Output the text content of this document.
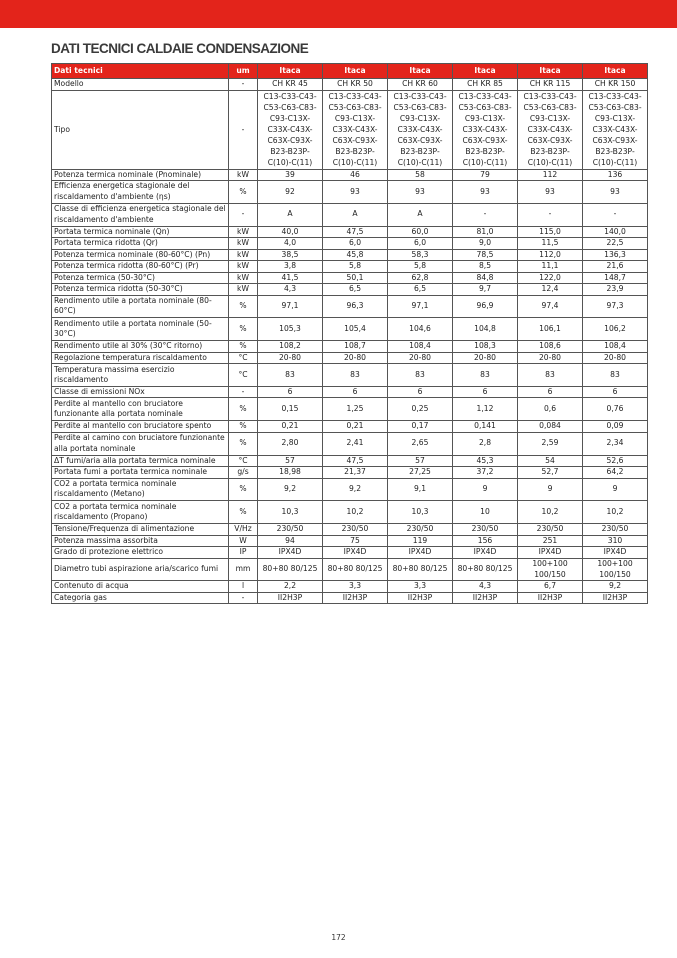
DATI TECNICI CALDAIE CONDENSAZIONE
Dati tecnici	um	Itaca	Itaca	Itaca	Itaca	Itaca	Itaca
Modello	-	CH KR 45	CH KR 50	CH KR 60	CH KR 85	CH KR 115	CH KR 150
Tipo	-	C13-C33-C43-C53-C63-C83-C93-C13X-C33X-C43X-C63X-C93X-B23-B23P-C(10)-C(11)	C13-C33-C43-C53-C63-C83-C93-C13X-C33X-C43X-C63X-C93X-B23-B23P-C(10)-C(11)	C13-C33-C43-C53-C63-C83-C93-C13X-C33X-C43X-C63X-C93X-B23-B23P-C(10)-C(11)	C13-C33-C43-C53-C63-C83-C93-C13X-C33X-C43X-C63X-C93X-B23-B23P-C(10)-C(11)	C13-C33-C43-C53-C63-C83-C93-C13X-C33X-C43X-C63X-C93X-B23-B23P-C(10)-C(11)	C13-C33-C43-C53-C63-C83-C93-C13X-C33X-C43X-C63X-C93X-B23-B23P-C(10)-C(11)
Potenza termica nominale (Pnominale)	kW	39	46	58	79	112	136
Efficienza energetica stagionale del riscaldamento d'ambiente (ηs)	%	92	93	93	93	93	93
Classe di efficienza energetica stagionale del riscaldamento d'ambiente	-	A	A	A	-	-	-
Portata termica nominale (Qn)	kW	40,0	47,5	60,0	81,0	115,0	140,0
Portata termica ridotta (Qr)	kW	4,0	6,0	6,0	9,0	11,5	22,5
Potenza termica nominale (80-60°C) (Pn)	kW	38,5	45,8	58,3	78,5	112,0	136,3
Potenza termica ridotta (80-60°C) (Pr)	kW	3,8	5,8	5,8	8,5	11,1	21,6
Potenza termica (50-30°C)	kW	41,5	50,1	62,8	84,8	122,0	148,7
Potenza termica ridotta (50-30°C)	kW	4,3	6,5	6,5	9,7	12,4	23,9
Rendimento utile a portata nominale (80-60°C)	%	97,1	96,3	97,1	96,9	97,4	97,3
Rendimento utile a portata nominale (50-30°C)	%	105,3	105,4	104,6	104,8	106,1	106,2
Rendimento utile al 30% (30°C ritorno)	%	108,2	108,7	108,4	108,3	108,6	108,4
Regolazione temperatura riscaldamento	°C	20-80	20-80	20-80	20-80	20-80	20-80
Temperatura massima esercizio riscaldamento	°C	83	83	83	83	83	83
Classe di emissioni NOx	-	6	6	6	6	6	6
Perdite al mantello con bruciatore funzionante alla portata nominale	%	0,15	1,25	0,25	1,12	0,6	0,76
Perdite al mantello con bruciatore spento	%	0,21	0,21	0,17	0,141	0,084	0,09
Perdite al camino con bruciatore funzionante alla portata nominale	%	2,80	2,41	2,65	2,8	2,59	2,34
ΔT fumi/aria alla portata termica nominale	°C	57	47,5	57	45,3	54	52,6
Portata fumi a portata termica nominale	g/s	18,98	21,37	27,25	37,2	52,7	64,2
CO2 a portata termica nominale riscaldamento (Metano)	%	9,2	9,2	9,1	9	9	9
CO2 a portata termica nominale riscaldamento (Propano)	%	10,3	10,2	10,3	10	10,2	10,2
Tensione/Frequenza di alimentazione	V/Hz	230/50	230/50	230/50	230/50	230/50	230/50
Potenza massima assorbita	W	94	75	119	156	251	310
Grado di protezione elettrico	IP	IPX4D	IPX4D	IPX4D	IPX4D	IPX4D	IPX4D
Diametro tubi aspirazione aria/scarico fumi	mm	80+80 80/125	80+80 80/125	80+80 80/125	80+80 80/125	100+100 100/150	100+100 100/150
Contenuto di acqua	l	2,2	3,3	3,3	4,3	6,7	9,2
Categoria gas	-	II2H3P	II2H3P	II2H3P	II2H3P	II2H3P	II2H3P
172
